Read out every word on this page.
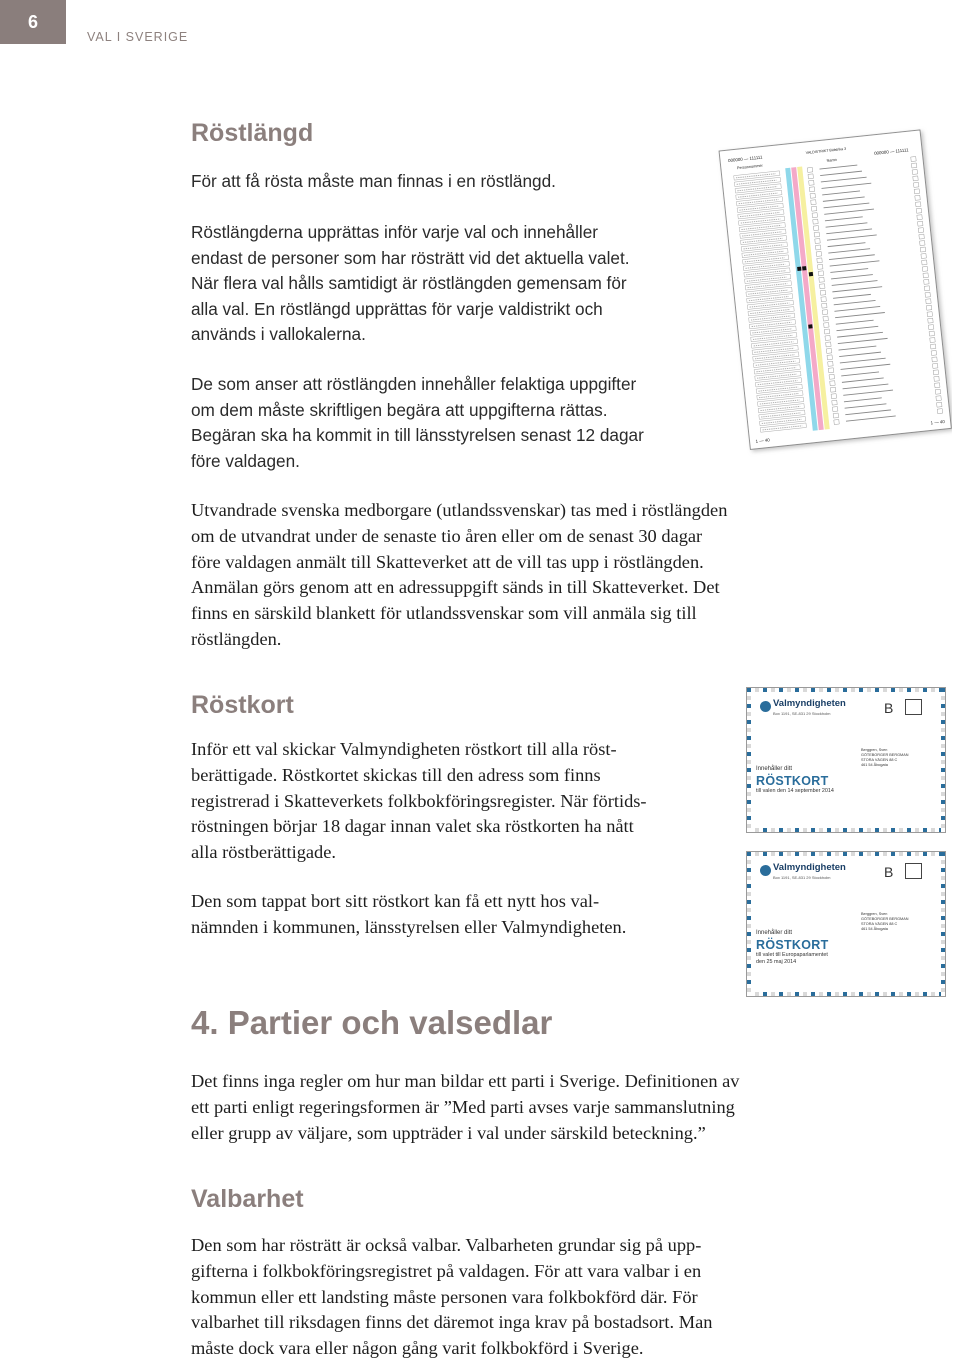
6
VAL I SVERIGE
Röstlängd

För att få rösta måste man finnas i en röstlängd.

Röstlängderna upprättas inför varje val och innehåller
endast de personer som har rösträtt vid det aktuella valet.
När flera val hålls samtidigt är röstlängden gemensam för
alla val. En röstlängd upprättas för varje valdistrikt och
används i vallokalerna.

De som anser att röstlängden innehåller felaktiga uppgifter
om dem måste skriftligen begära att uppgifterna rättas.
Begäran ska ha kommit in till länsstyrelsen senast 12 dagar
före valdagen.

Utvandrade svenska medborgare (utlandssvenskar) tas med i röstlängden
om de utvandrat under de senaste tio åren eller om de senast 30 dagar
före valdagen anmält till Skatteverket att de vill tas upp i röstlängden.
Anmälan görs genom att en adressuppgift sänds in till Skatteverket. Det
finns en särskild blankett för utlandssvenskar som vill anmäla sig till
röstlängden.

000000 — 111111
Personnummer
VALDISTRIKT Bidstrika 3	000000 — 111111
Namn
1 — 40
1 — 40
Röstkort

Inför ett val skickar Valmyndigheten röstkort till alla röst-
berättigade. Röstkortet skickas till den adress som finns
registrerad i Skatteverkets folkbokföringsregister. När förtids-
röstningen börjar 18 dagar innan valet ska röstkorten ha nått
alla röstberättigade.

Den som tappat bort sitt röstkort kan få ett nytt hos val-
nämnden i kommunen, länsstyrelsen eller Valmyndigheten.

Valmyndigheten
Box 1191, SE-831 29 Stockholm	B
Berggren, Sven
GÖTEBORGER BERGMAN
STORA VÄGEN 88 C
461 54 Åbogata
Innehåller ditt
RÖSTKORT
till valen den 14 september 2014
Valmyndigheten
Box 1191, SE-831 29 Stockholm	B
Berggren, Sven
GÖTEBORGER BERGMAN
STORA VÄGEN 88 C
461 54 Åbogata
Innehåller ditt
RÖSTKORT
till valet till Europaparlamentet
den 25 maj 2014
4. Partier och valsedlar

Det finns inga regler om hur man bildar ett parti i Sverige. Definitionen av
ett parti enligt regeringsformen är ”Med parti avses varje sammanslutning
eller grupp av väljare, som uppträder i val under särskild beteckning.”

Valbarhet

Den som har rösträtt är också valbar. Valbarheten grundar sig på upp-
gifterna i folkbokföringsregistret på valdagen. För att vara valbar i en
kommun eller ett landsting måste personen vara folkbokförd där. För
valbarhet till riksdagen finns det däremot inga krav på bostadsort. Man
måste dock vara eller någon gång varit folkbokförd i Sverige.
